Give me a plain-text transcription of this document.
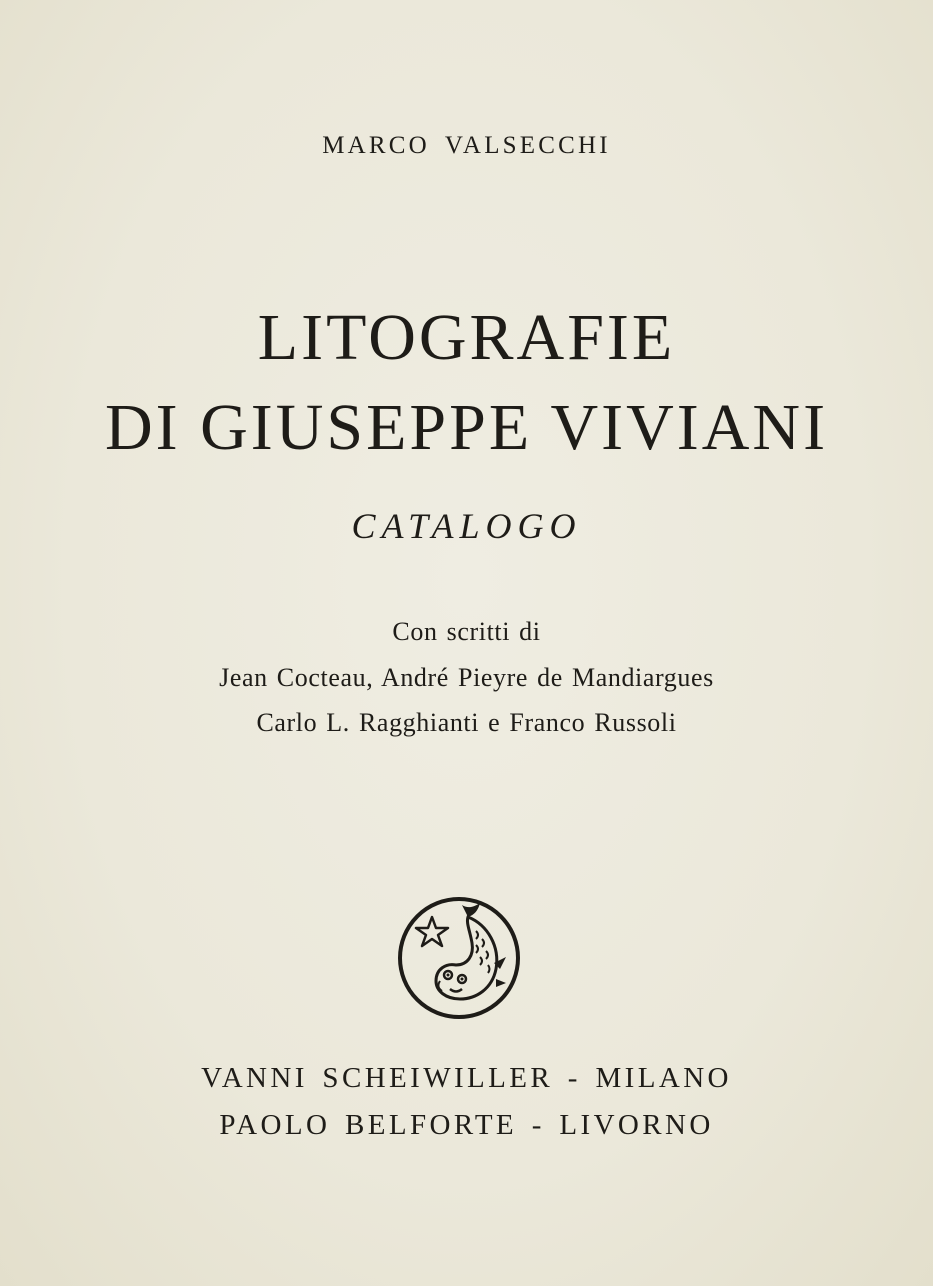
MARCO VALSECCHI
LITOGRAFIE
DI GIUSEPPE VIVIANI
CATALOGO
Con scritti di
Jean Cocteau, André Pieyre de Mandiargues
Carlo L. Ragghianti e Franco Russoli
VANNI SCHEIWILLER - MILANO
PAOLO BELFORTE - LIVORNO
